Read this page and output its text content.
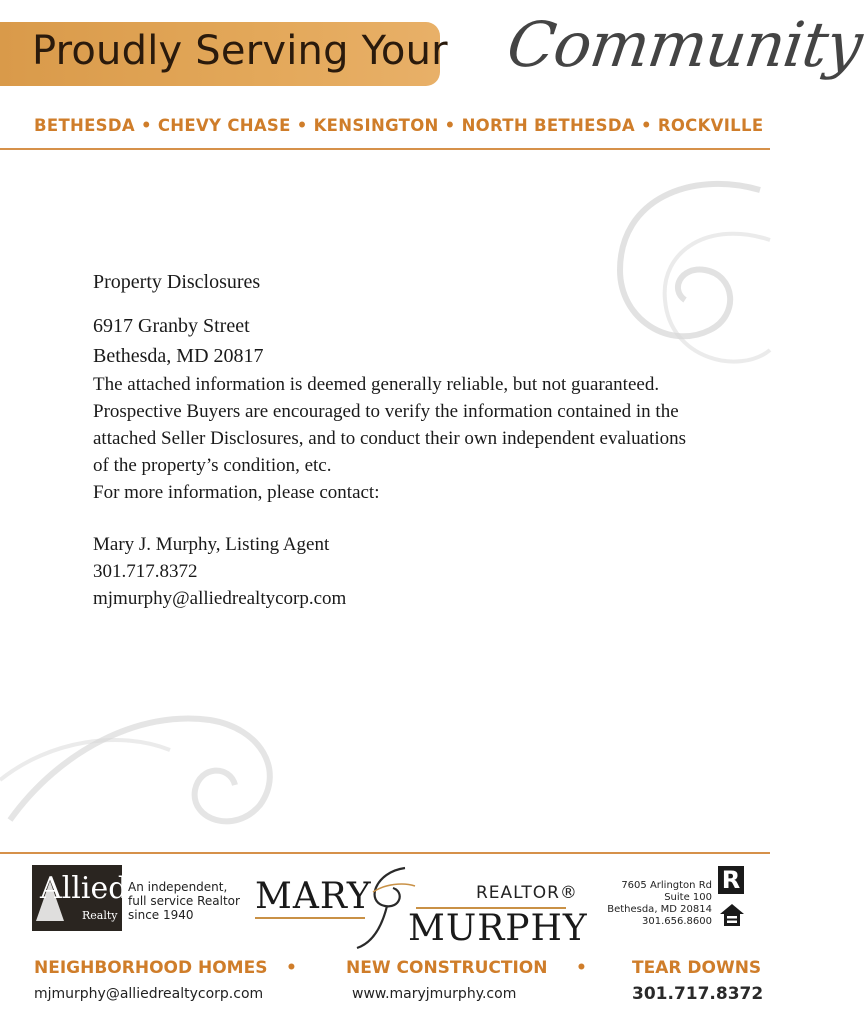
Proudly Serving Your Community
BETHESDA • CHEVY CHASE • KENSINGTON • NORTH BETHESDA • ROCKVILLE

Property Disclosures

6917 Granby Street
Bethesda, MD 20817

The attached information is deemed generally reliable, but not guaranteed. Prospective Buyers are encouraged to verify the information contained in the attached Seller Disclosures, and to conduct their own independent evaluations of the property’s condition, etc.

For more information, please contact:

Mary J. Murphy, Listing Agent
301.717.8372
mjmurphy@alliedrealtycorp.com
Allied
Realty
An independent,
full service Realtor
since 1940	MARY	REALTOR®
MURPHY
7605 Arlington Rd
Suite 100
Bethesda, MD 20814
301.656.8600
R
NEIGHBORHOOD HOMES •	NEW CONSTRUCTION •	TEAR DOWNS
mjmurphy@alliedrealtycorp.com	www.maryjmurphy.com	301.717.8372
